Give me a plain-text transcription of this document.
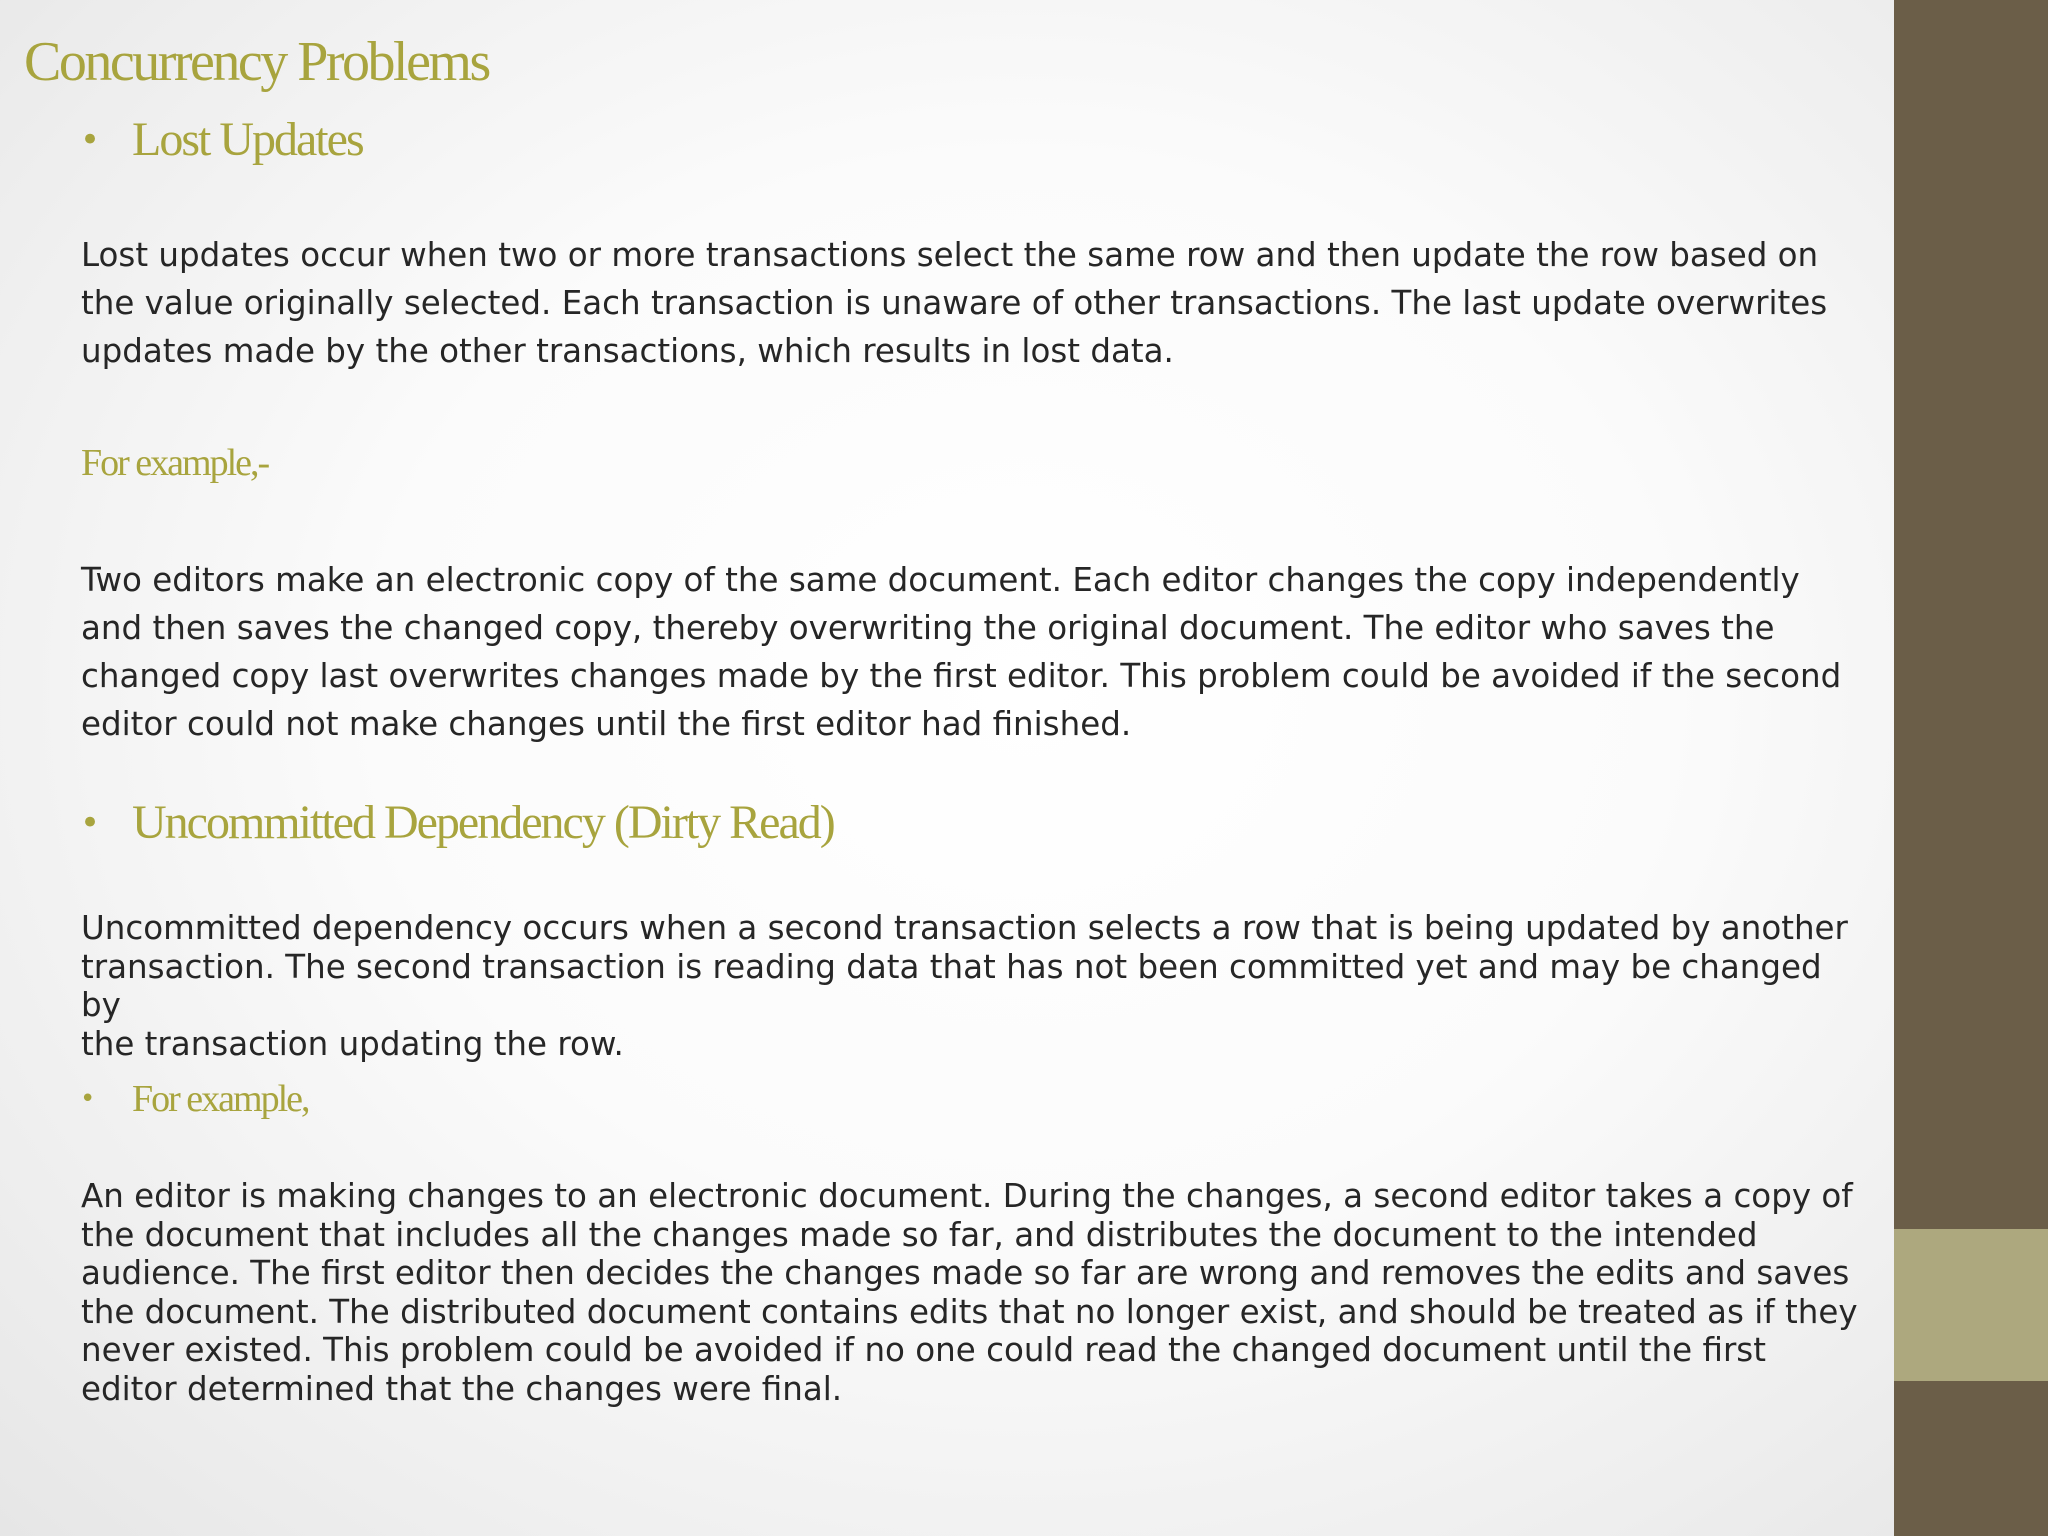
Concurrency Problems
• Lost Updates

Lost updates occur when two or more transactions select the same row and then update the row based on
the value originally selected. Each transaction is unaware of other transactions. The last update overwrites
updates made by the other transactions, which results in lost data.

For example,-

Two editors make an electronic copy of the same document. Each editor changes the copy independently
and then saves the changed copy, thereby overwriting the original document. The editor who saves the
changed copy last overwrites changes made by the first editor. This problem could be avoided if the second
editor could not make changes until the first editor had finished.

• Uncommitted Dependency (Dirty Read)

Uncommitted dependency occurs when a second transaction selects a row that is being updated by another
transaction. The second transaction is reading data that has not been committed yet and may be changed by
the transaction updating the row.

•	For example,

An editor is making changes to an electronic document. During the changes, a second editor takes a copy of
the document that includes all the changes made so far, and distributes the document to the intended
audience. The first editor then decides the changes made so far are wrong and removes the edits and saves
the document. The distributed document contains edits that no longer exist, and should be treated as if they
never existed. This problem could be avoided if no one could read the changed document until the first
editor determined that the changes were final.
